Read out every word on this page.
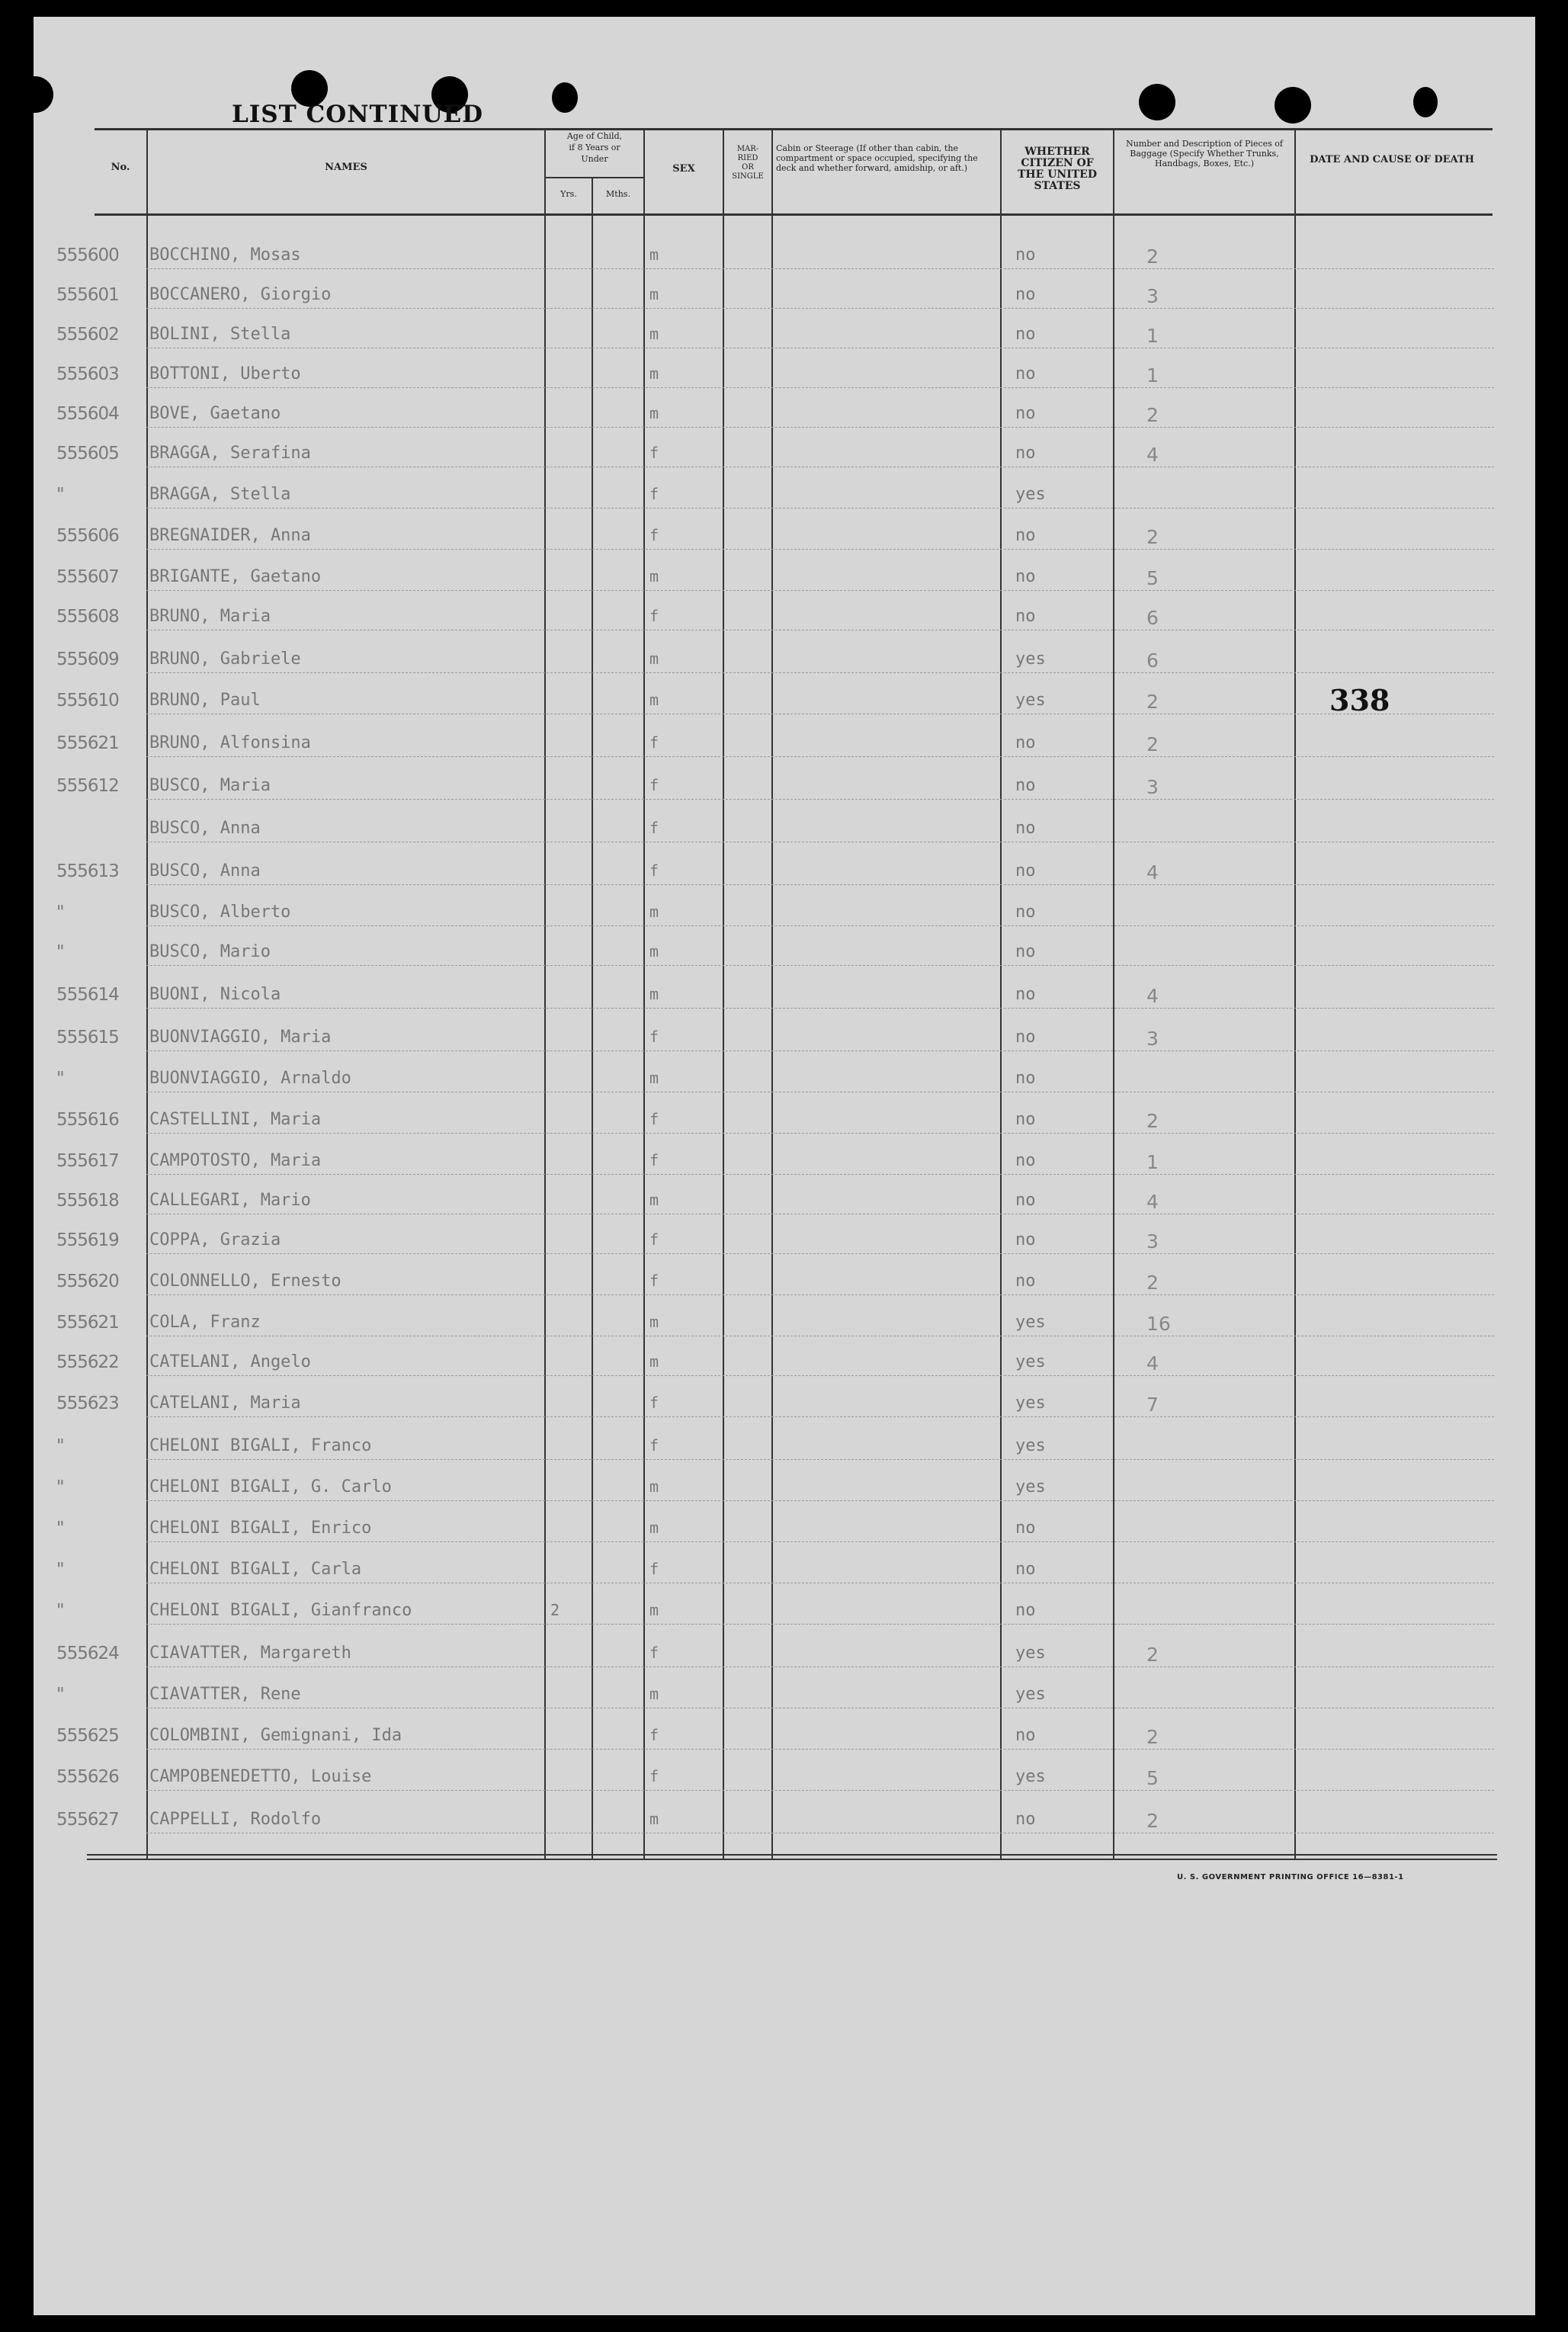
LIST CONTINUED
No.	NAMES
Age of Child,
if 8 Years or
Under
Yrs.	Mths.
SEX
MAR-
RIED
OR
SINGLE
Cabin or Steerage (If other than cabin, the compartment or space occupied, specifying the deck and whether forward, amidship, or aft.)
WHETHER CITIZEN OF THE UNITED STATES
Number and Description of Pieces of Baggage (Specify Whether Trunks, Handbags, Boxes, Etc.)	DATE AND CAUSE OF DEATH
555600	BOCCHINO, Mosas	m	no	2
555601	BOCCANERO, Giorgio	m	no	3
555602	BOLINI, Stella	m	no	1
555603	BOTTONI, Uberto	m	no	1
555604	BOVE, Gaetano	m	no	2
555605	BRAGGA, Serafina	f	no	4
"	BRAGGA, Stella	f	yes
555606	BREGNAIDER, Anna	f	no	2
555607	BRIGANTE, Gaetano	m	no	5
555608	BRUNO, Maria	f	no	6
555609	BRUNO, Gabriele	m	yes	6
555610	BRUNO, Paul	m	yes	2	338
555621	BRUNO, Alfonsina	f	no	2
555612	BUSCO, Maria	f	no	3
BUSCO, Anna	f	no
555613	BUSCO, Anna	f	no	4
"	BUSCO, Alberto	m	no
"	BUSCO, Mario	m	no
555614	BUONI, Nicola	m	no	4
555615	BUONVIAGGIO, Maria	f	no	3
"	BUONVIAGGIO, Arnaldo	m	no
555616	CASTELLINI, Maria	f	no	2
555617	CAMPOTOSTO, Maria	f	no	1
555618	CALLEGARI, Mario	m	no	4
555619	COPPA, Grazia	f	no	3
555620	COLONNELLO, Ernesto	f	no	2
555621	COLA, Franz	m	yes	16
555622	CATELANI, Angelo	m	yes	4
555623	CATELANI, Maria	f	yes	7
"	CHELONI BIGALI, Franco	f	yes
"	CHELONI BIGALI, G. Carlo	m	yes
"	CHELONI BIGALI, Enrico	m	no
"	CHELONI BIGALI, Carla	f	no
"	CHELONI BIGALI, Gianfranco	2	m	no
555624	CIAVATTER, Margareth	f	yes	2
"	CIAVATTER, Rene	m	yes
555625	COLOMBINI, Gemignani, Ida	f	no	2
555626	CAMPOBENEDETTO, Louise	f	yes	5
555627	CAPPELLI, Rodolfo	m	no	2
U. S. GOVERNMENT PRINTING OFFICE 16—8381-1
